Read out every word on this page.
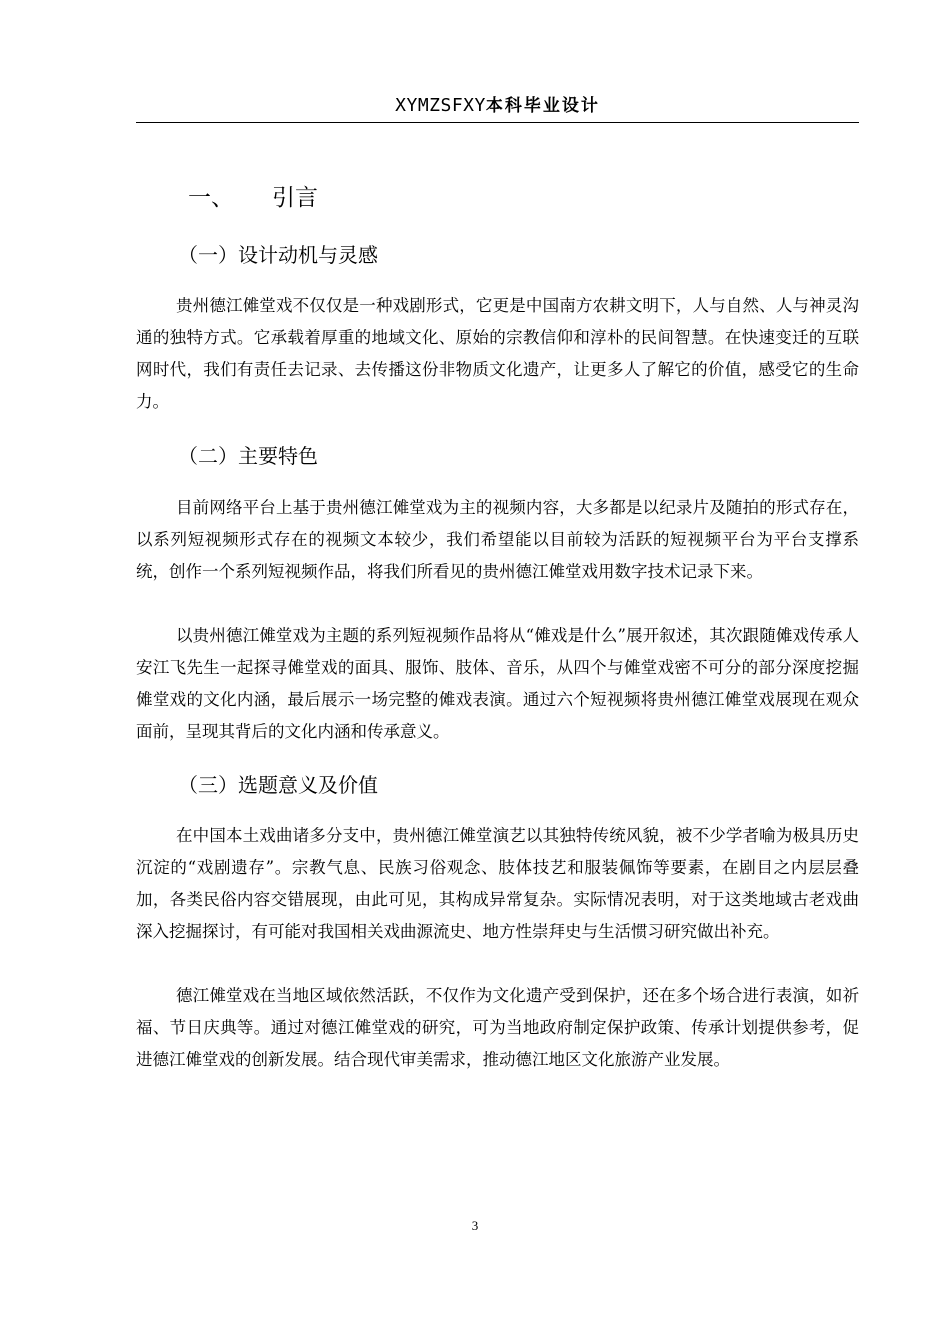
XYMZSFXY本科毕业设计
一、 引言
（一）设计动机与灵感

贵州德江傩堂戏不仅仅是一种戏剧形式，它更是中国南方农耕文明下，人与自然、人与神灵沟通的独特方式。它承载着厚重的地域文化、原始的宗教信仰和淳朴的民间智慧。在快速变迁的互联网时代，我们有责任去记录、去传播这份非物质文化遗产，让更多人了解它的价值，感受它的生命力。

（二）主要特色

目前网络平台上基于贵州德江傩堂戏为主的视频内容，大多都是以纪录片及随拍的形式存在，以系列短视频形式存在的视频文本较少，我们希望能以目前较为活跃的短视频平台为平台支撑系统，创作一个系列短视频作品，将我们所看见的贵州德江傩堂戏用数字技术记录下来。

以贵州德江傩堂戏为主题的系列短视频作品将从“傩戏是什么”展开叙述，其次跟随傩戏传承人安江飞先生一起探寻傩堂戏的面具、服饰、肢体、音乐，从四个与傩堂戏密不可分的部分深度挖掘傩堂戏的文化内涵，最后展示一场完整的傩戏表演。通过六个短视频将贵州德江傩堂戏展现在观众面前，呈现其背后的文化内涵和传承意义。

（三）选题意义及价值

在中国本土戏曲诸多分支中，贵州德江傩堂演艺以其独特传统风貌，被不少学者喻为极具历史沉淀的“戏剧遗存”。宗教气息、民族习俗观念、肢体技艺和服装佩饰等要素，在剧目之内层层叠加，各类民俗内容交错展现，由此可见，其构成异常复杂。实际情况表明，对于这类地域古老戏曲深入挖掘探讨，有可能对我国相关戏曲源流史、地方性崇拜史与生活惯习研究做出补充。

德江傩堂戏在当地区域依然活跃，不仅作为文化遗产受到保护，还在多个场合进行表演，如祈福、节日庆典等。通过对德江傩堂戏的研究，可为当地政府制定保护政策、传承计划提供参考，促进德江傩堂戏的创新发展。结合现代审美需求，推动德江地区文化旅游产业发展。

3
